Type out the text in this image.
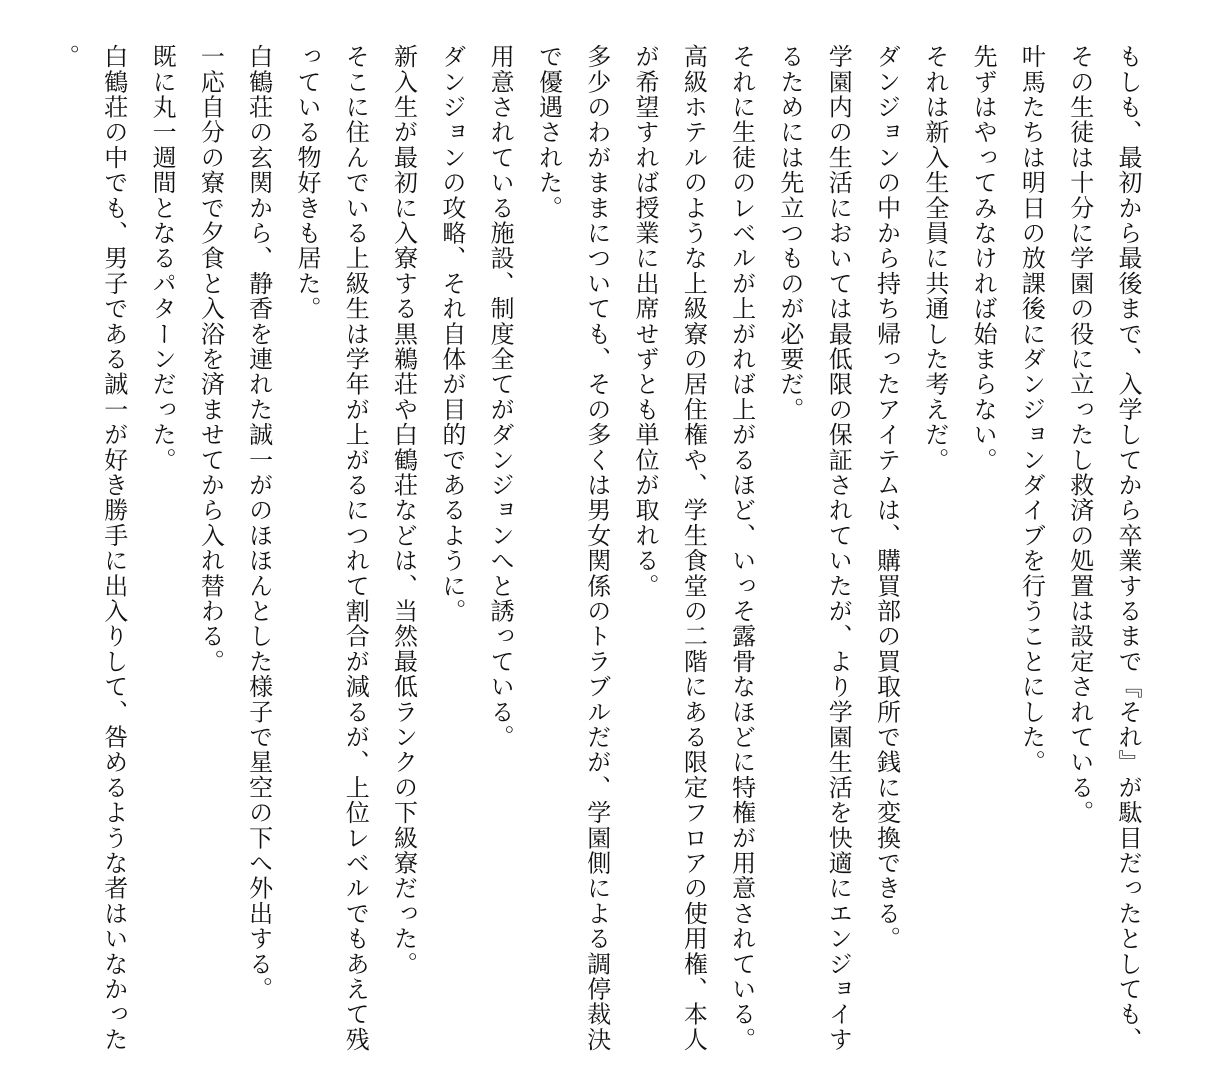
もしも、最初から最後まで、入学してから卒業するまで『それ』が駄目だったとしても、その生徒は十分に学園の役に立ったし救済の処置は設定されている。

叶馬たちは明日の放課後にダンジョンダイブを行うことにした。

先ずはやってみなければ始まらない。

それは新入生全員に共通した考えだ。

ダンジョンの中から持ち帰ったアイテムは、購買部の買取所で銭に変換できる。

学園内の生活においては最低限の保証されていたが、より学園生活を快適にエンジョイするためには先立つものが必要だ。

それに生徒のレベルが上がれば上がるほど、いっそ露骨なほどに特権が用意されている。

高級ホテルのような上級寮の居住権や、学生食堂の二階にある限定フロアの使用権、本人が希望すれば授業に出席せずとも単位が取れる。

多少のわがままについても、その多くは男女関係のトラブルだが、学園側による調停裁決で優遇された。

用意されている施設、制度全てがダンジョンへと誘っている。

ダンジョンの攻略、それ自体が目的であるように。

新入生が最初に入寮する黒鵜荘や白鶴荘などは、当然最低ランクの下級寮だった。

そこに住んでいる上級生は学年が上がるにつれて割合が減るが、上位レベルでもあえて残っている物好きも居た。

白鶴荘の玄関から、静香を連れた誠一がのほほんとした様子で星空の下へ外出する。

一応自分の寮で夕食と入浴を済ませてから入れ替わる。

既に丸一週間となるパターンだった。

白鶴荘の中でも、男子である誠一が好き勝手に出入りして、咎めるような者はいなかった。
